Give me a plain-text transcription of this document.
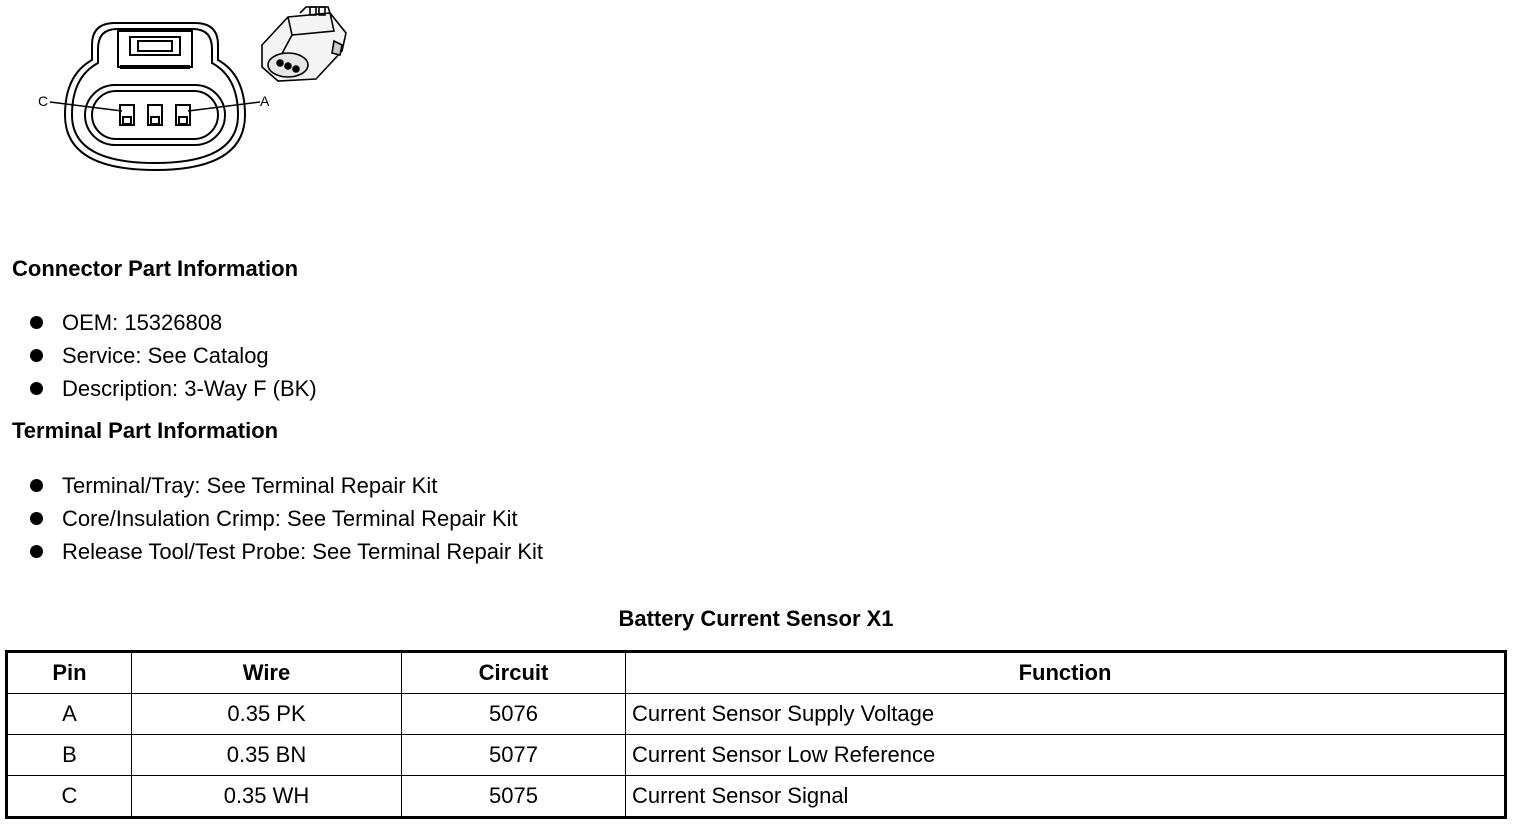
C	A
Connector Part Information
OEM: 15326808
Service: See Catalog
Description: 3-Way F (BK)
Terminal Part Information
Terminal/Tray: See Terminal Repair Kit
Core/Insulation Crimp: See Terminal Repair Kit
Release Tool/Test Probe: See Terminal Repair Kit
Battery Current Sensor X1
Pin	Wire	Circuit	Function
A	0.35 PK	5076	Current Sensor Supply Voltage
B	0.35 BN	5077	Current Sensor Low Reference
C	0.35 WH	5075	Current Sensor Signal
